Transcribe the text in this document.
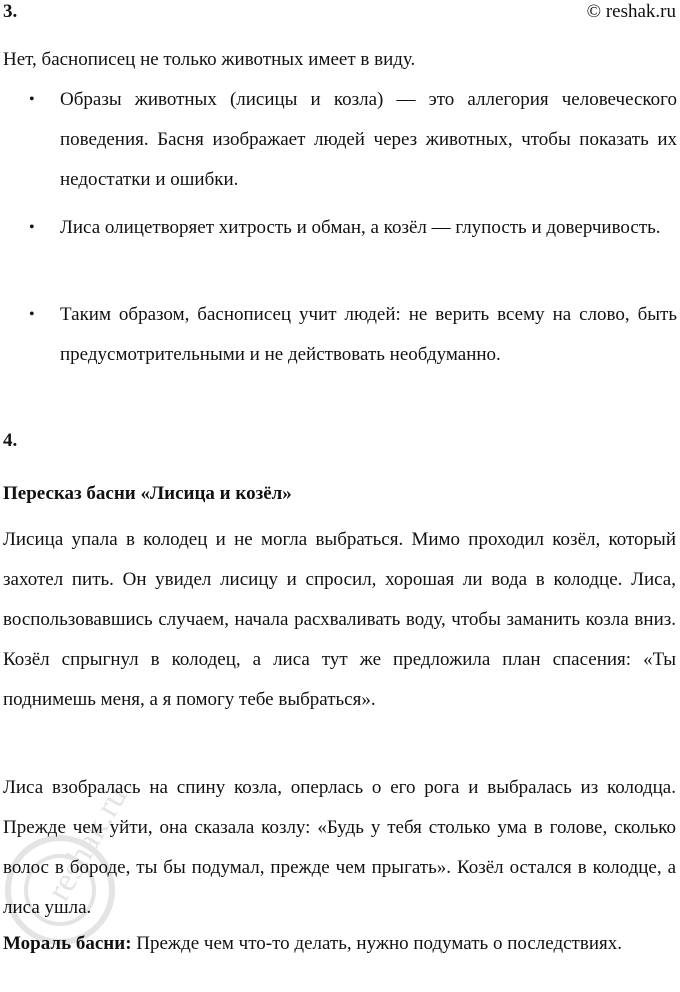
3.	© reshak.ru

Нет, баснописец не только животных имеет в виду.

• Образы животных (лисицы и козла) — это аллегория человеческого поведения. Басня изображает людей через животных, чтобы показать их недостатки и ошибки.
• Лиса олицетворяет хитрость и обман, а козёл — глупость и доверчивость.
• Таким образом, баснописец учит людей: не верить всему на слово, быть предусмотрительными и не действовать необдуманно.

4.

Пересказ басни «Лисица и козёл»

Лисица упала в колодец и не могла выбраться. Мимо проходил козёл, который захотел пить. Он увидел лисицу и спросил, хорошая ли вода в колодце. Лиса, воспользовавшись случаем, начала расхваливать воду, чтобы заманить козла вниз. Козёл спрыгнул в колодец, а лиса тут же предложила план спасения: «Ты поднимешь меня, а я помогу тебе выбраться».

Лиса взобралась на спину козла, оперлась о его рога и выбралась из колодца. Прежде чем уйти, она сказала козлу: «Будь у тебя столько ума в голове, сколько волос в бороде, ты бы подумал, прежде чем прыгать». Козёл остался в колодце, а лиса ушла.

Мораль басни: Прежде чем что-то делать, нужно подумать о последствиях.

reshak.ru
